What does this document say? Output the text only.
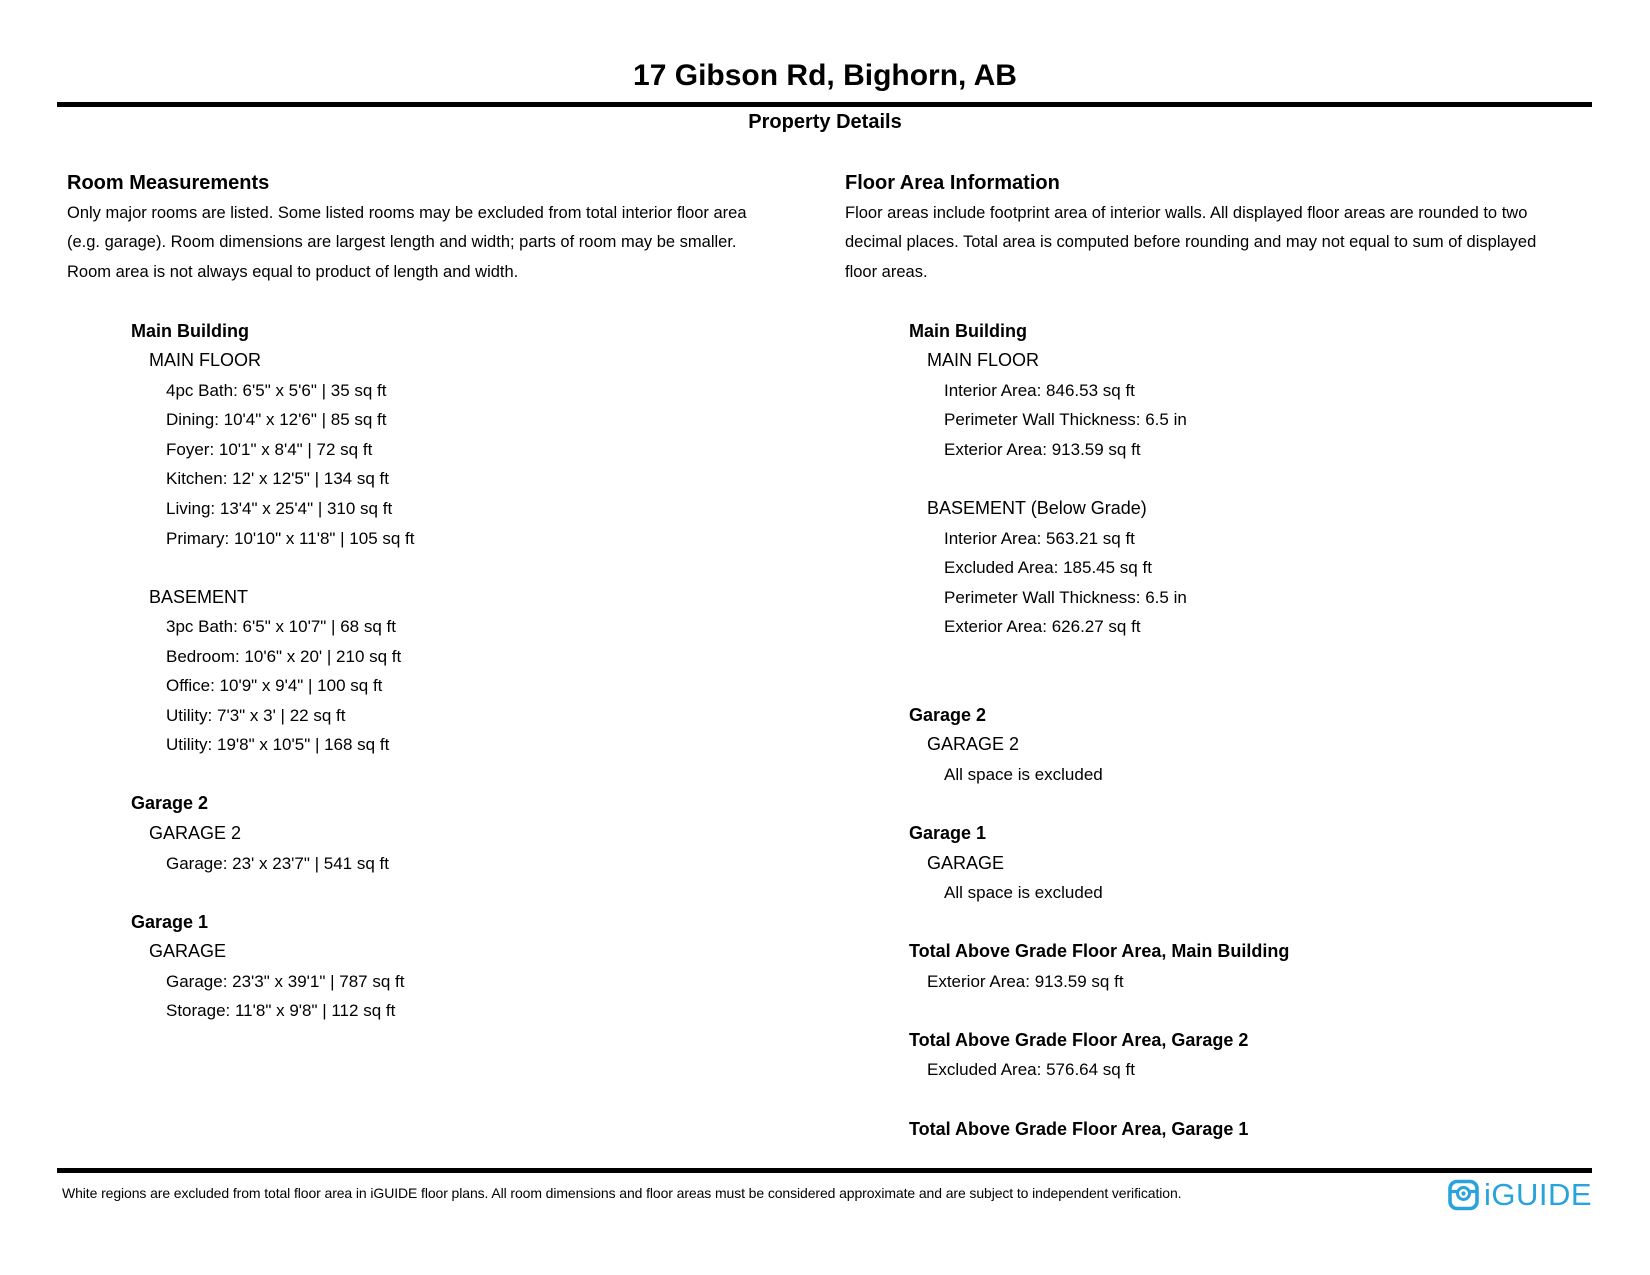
17 Gibson Rd, Bighorn, AB
Property Details
Room Measurements
Only major rooms are listed. Some listed rooms may be excluded from total interior floor area
(e.g. garage). Room dimensions are largest length and width; parts of room may be smaller.
Room area is not always equal to product of length and width.
Main Building
MAIN FLOOR
4pc Bath: 6'5" x 5'6" | 35 sq ft
Dining: 10'4" x 12'6" | 85 sq ft
Foyer: 10'1" x 8'4" | 72 sq ft
Kitchen: 12' x 12'5" | 134 sq ft
Living: 13'4" x 25'4" | 310 sq ft
Primary: 10'10" x 11'8" | 105 sq ft
BASEMENT
3pc Bath: 6'5" x 10'7" | 68 sq ft
Bedroom: 10'6" x 20' | 210 sq ft
Office: 10'9" x 9'4" | 100 sq ft
Utility: 7'3" x 3' | 22 sq ft
Utility: 19'8" x 10'5" | 168 sq ft
Garage 2
GARAGE 2
Garage: 23' x 23'7" | 541 sq ft
Garage 1
GARAGE
Garage: 23'3" x 39'1" | 787 sq ft
Storage: 11'8" x 9'8" | 112 sq ft
Floor Area Information
Floor areas include footprint area of interior walls. All displayed floor areas are rounded to two
decimal places. Total area is computed before rounding and may not equal to sum of displayed
floor areas.
Main Building
MAIN FLOOR
Interior Area: 846.53 sq ft
Perimeter Wall Thickness: 6.5 in
Exterior Area: 913.59 sq ft
BASEMENT (Below Grade)
Interior Area: 563.21 sq ft
Excluded Area: 185.45 sq ft
Perimeter Wall Thickness: 6.5 in
Exterior Area: 626.27 sq ft
Garage 2
GARAGE 2
All space is excluded
Garage 1
GARAGE
All space is excluded
Total Above Grade Floor Area, Main Building
Exterior Area: 913.59 sq ft
Total Above Grade Floor Area, Garage 2
Excluded Area: 576.64 sq ft
Total Above Grade Floor Area, Garage 1
White regions are excluded from total floor area in iGUIDE floor plans. All room dimensions and floor areas must be considered approximate and are subject to independent verification.	iGUIDE
